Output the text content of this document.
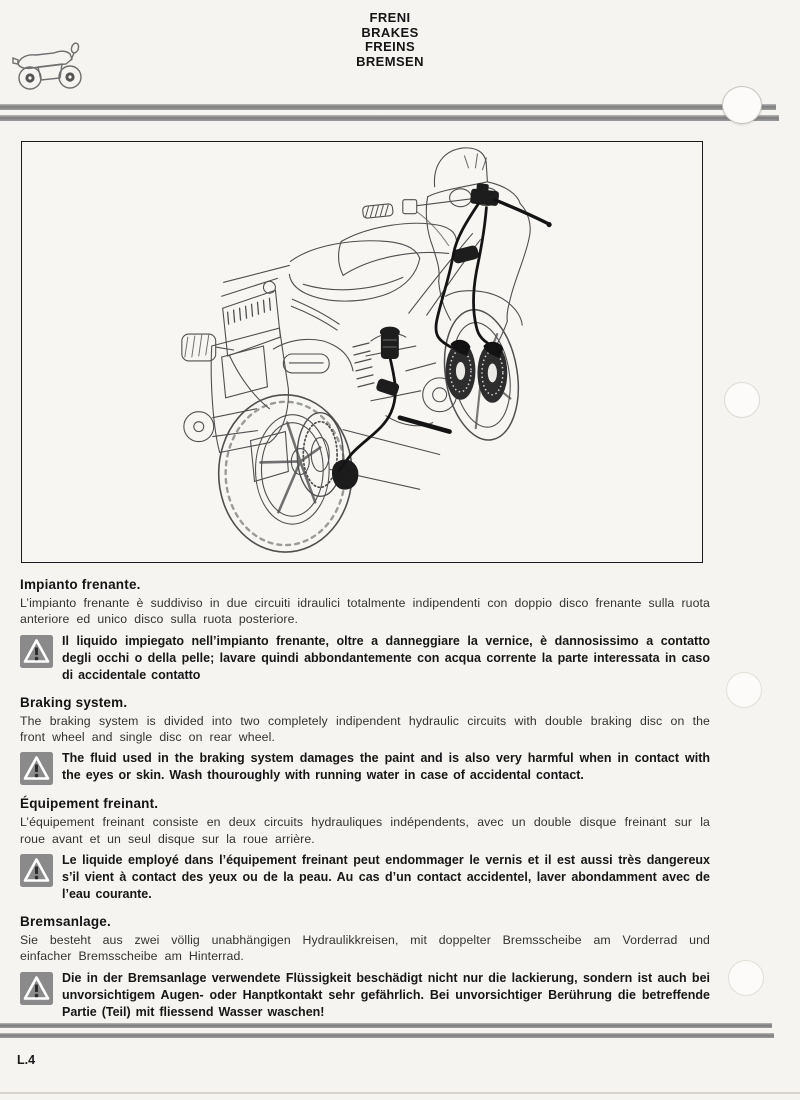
FRENI
BRAKES
FREINS
BREMSEN
Impianto frenante.

L’impianto frenante è suddiviso in due circuiti idraulici totalmente indipendenti con doppio disco frenante sulla ruota anteriore ed unico disco sulla ruota posteriore.

Il liquido impiegato nell’impianto frenante, oltre a danneggiare la vernice, è dannosissimo a contatto degli occhi o della pelle; lavare quindi abbondantemente con acqua corrente la parte interessata in caso di accidentale contatto

Braking system.

The braking system is divided into two completely indipendent hydraulic circuits with double braking disc on the front wheel and single disc on rear wheel.

The fluid used in the braking system damages the paint and is also very harmful when in contact with the eyes or skin. Wash thouroughly with running water in case of accidental contact.

Équipement freinant.

L’équipement freinant consiste en deux circuits hydrauliques indépendents, avec un double disque freinant sur la roue avant et un seul disque sur la roue arrière.

Le liquide employé dans l’équipement freinant peut endommager le vernis et il est aussi très dangereux s’il vient à contact des yeux ou de la peau. Au cas d’un contact accidentel, laver abondamment avec de l’eau courante.

Bremsanlage.

Sie besteht aus zwei völlig unabhängigen Hydraulikkreisen, mit doppelter Bremsscheibe am Vorderrad und einfacher Bremsscheibe am Hinterrad.

Die in der Bremsanlage verwendete Flüssigkeit beschädigt nicht nur die lackierung, sondern ist auch bei unvorsichtigem Augen- oder Hanptkontakt sehr gefährlich. Bei unvorsichtiger Berührung die betreffende Partie (Teil) mit fliessend Wasser waschen!

L.4
